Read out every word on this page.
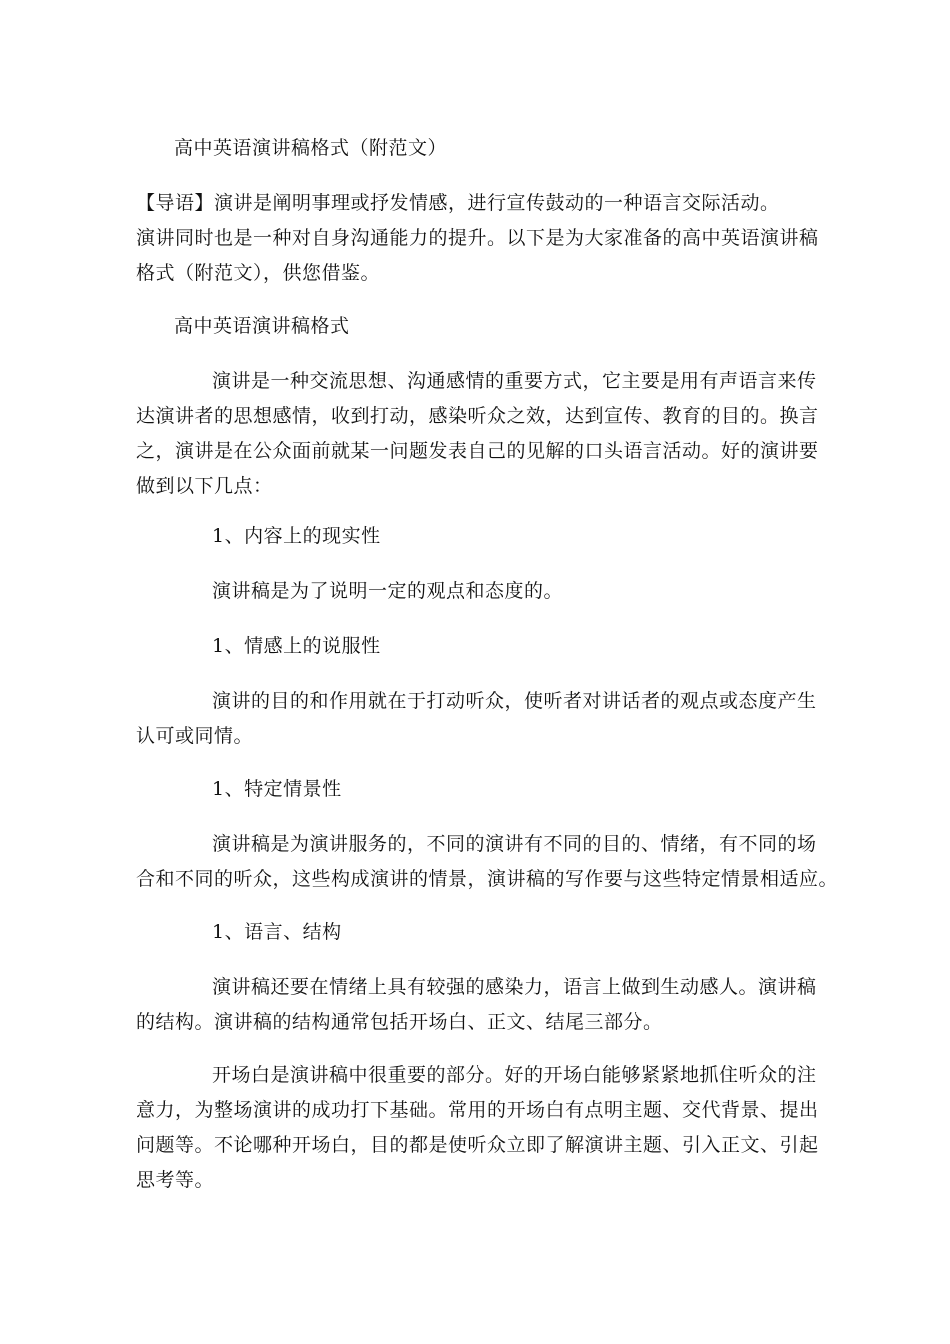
高中英语演讲稿格式（附范文）
【导语】演讲是阐明事理或抒发情感，进行宣传鼓动的一种语言交际活动。
演讲同时也是一种对自身沟通能力的提升。以下是为大家准备的高中英语演讲稿
格式（附范文），供您借鉴。
高中英语演讲稿格式
演讲是一种交流思想、沟通感情的重要方式，它主要是用有声语言来传
达演讲者的思想感情，收到打动，感染听众之效，达到宣传、教育的目的。换言
之，演讲是在公众面前就某一问题发表自己的见解的口头语言活动。好的演讲要
做到以下几点：
1、内容上的现实性
演讲稿是为了说明一定的观点和态度的。
1、情感上的说服性
演讲的目的和作用就在于打动听众，使听者对讲话者的观点或态度产生
认可或同情。
1、特定情景性
演讲稿是为演讲服务的，不同的演讲有不同的目的、情绪，有不同的场
合和不同的听众，这些构成演讲的情景，演讲稿的写作要与这些特定情景相适应。
1、语言、结构
演讲稿还要在情绪上具有较强的感染力，语言上做到生动感人。演讲稿
的结构。演讲稿的结构通常包括开场白、正文、结尾三部分。
开场白是演讲稿中很重要的部分。好的开场白能够紧紧地抓住听众的注
意力，为整场演讲的成功打下基础。常用的开场白有点明主题、交代背景、提出
问题等。不论哪种开场白，目的都是使听众立即了解演讲主题、引入正文、引起
思考等。
